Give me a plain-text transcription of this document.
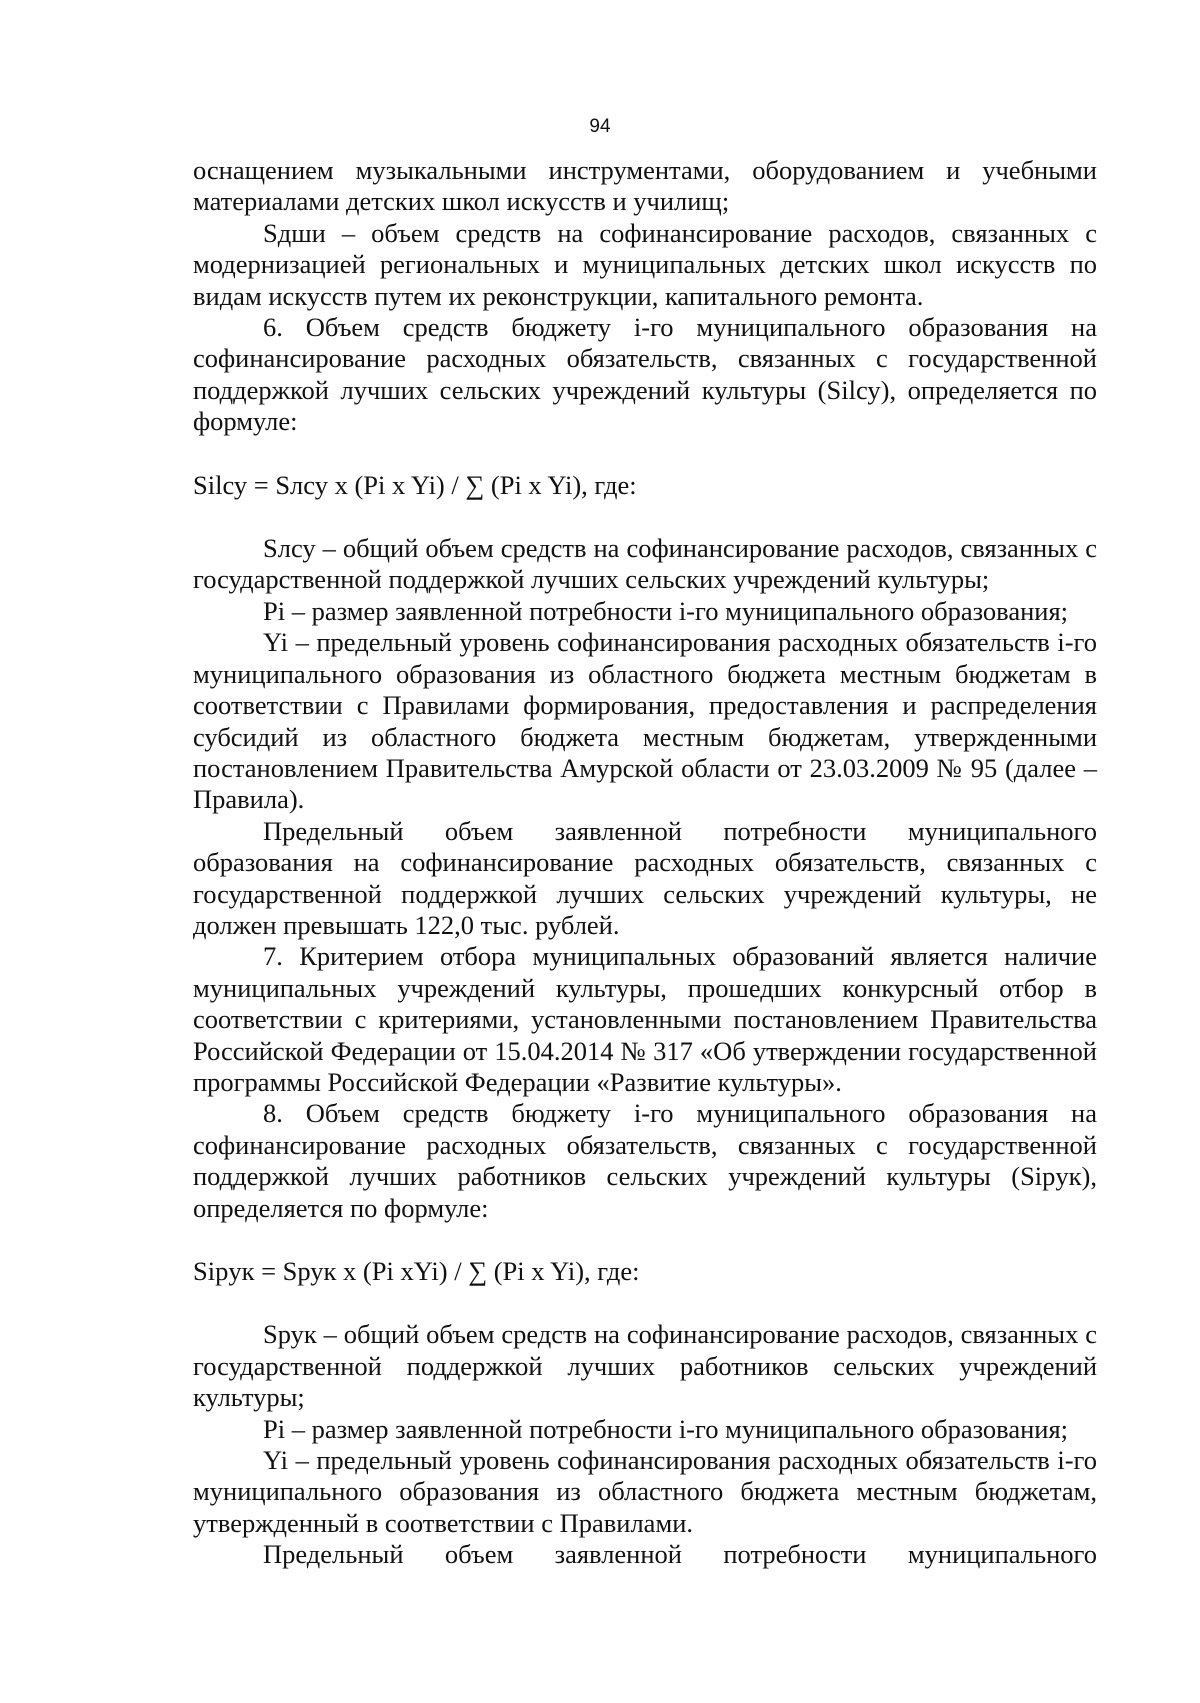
94

оснащением музыкальными инструментами, оборудованием и учебными материалами детских школ искусств и училищ;

Sдши – объем средств на софинансирование расходов, связанных с модернизацией региональных и муниципальных детских школ искусств по видам искусств путем их реконструкции, капитального ремонта.

6. Объем средств бюджету i-го муниципального образования на софинансирование расходных обязательств, связанных с государственной поддержкой лучших сельских учреждений культуры (Silсу), определяется по формуле:

Silсу = Sлсу х (Pi x Yi) / ∑ (Pi x Yi), где:

Sлсу – общий объем средств на софинансирование расходов, связанных с государственной поддержкой лучших сельских учреждений культуры;

Pi – размер заявленной потребности i-го муниципального образования;

Yi – предельный уровень софинансирования расходных обязательств i-го муниципального образования из областного бюджета местным бюджетам в соответствии с Правилами формирования, предоставления и распределения субсидий из областного бюджета местным бюджетам, утвержденными постановлением Правительства Амурской области от 23.03.2009 № 95 (далее – Правила).

Предельный объем заявленной потребности муниципального образования на софинансирование расходных обязательств, связанных с государственной поддержкой лучших сельских учреждений культуры, не должен превышать 122,0 тыс. рублей.

7. Критерием отбора муниципальных образований является наличие муниципальных учреждений культуры, прошедших конкурсный отбор в соответствии с критериями, установленными постановлением Правительства Российской Федерации от 15.04.2014 № 317 «Об утверждении государственной программы Российской Федерации «Развитие культуры».

8. Объем средств бюджету i-го муниципального образования на софинансирование расходных обязательств, связанных с государственной поддержкой лучших работников сельских учреждений культуры (Sipук), определяется по формуле:

Sipук = Sрук х (Pi xYi) / ∑ (Pi x Yi), где:

Sрук – общий объем средств на софинансирование расходов, связанных с государственной поддержкой лучших работников сельских учреждений культуры;

Pi – размер заявленной потребности i-го муниципального образования;

Yi – предельный уровень софинансирования расходных обязательств i-го муниципального образования из областного бюджета местным бюджетам, утвержденный в соответствии с Правилами.

Предельный объем заявленной потребности муниципального
